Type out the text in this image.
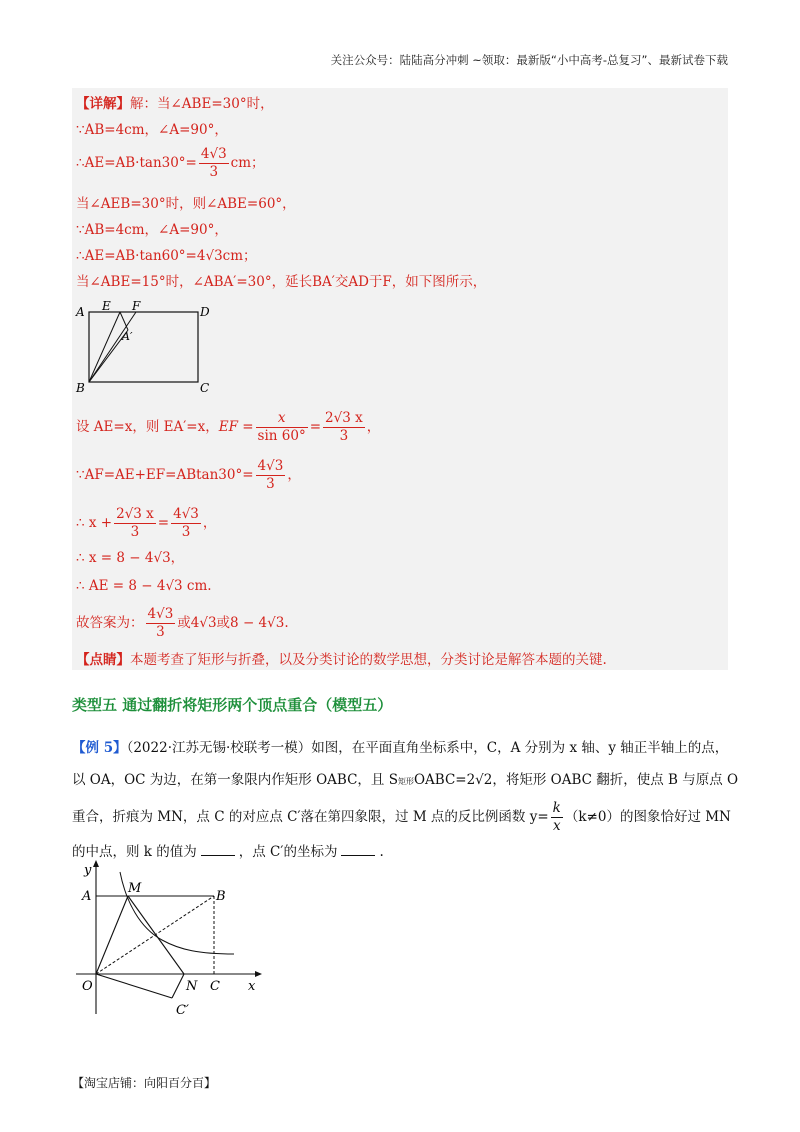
关注公众号：陆陆高分冲刺 ~领取：最新版“小中高考-总复习”、最新试卷下载
【详解】解：当∠ABE=30°时，
∵AB=4cm，∠A=90°，
∴AE=AB·tan30°= $\frac{4√3}{3}$ cm；
当∠AEB=30°时，则∠ABE=60°，
∵AB=4cm，∠A=90°，
∴AE=AB·tan60°=4√3cm；
当∠ABE=15°时，∠ABA′=30°，延长BA′交AD于F，如下图所示，
A E F	D
A′
B	C
设 AE=x，则 EA′=x，EF = $\frac{x}{\sin 60^\circ} = \frac{2√3 x}{3}$ ，
∵AF=AE+EF=ABtan30°= $\frac{4√3}{3}$ ，
∴ $x + \frac{2√3 x}{3} = \frac{4√3}{3}$ ，
∴ x = 8 − 4√3，
∴ AE = 8 − 4√3 cm.
故答案为： $\frac{4√3}{3}$ 或4√3或8 − 4√3.
【点睛】本题考查了矩形与折叠，以及分类讨论的数学思想，分类讨论是解答本题的关键.
类型五 通过翻折将矩形两个顶点重合（模型五）
【例 5】（2022·江苏无锡·校联考一模）如图，在平面直角坐标系中，C，A 分别为 x 轴、y 轴正半轴上的点，
以 OA，OC 为边，在第一象限内作矩形 OABC，且 S矩形OABC=2√2，将矩形 OABC 翻折，使点 B 与原点 O
重合，折痕为 MN，点 C 的对应点 C′落在第四象限，过 M 点的反比例函数 $y= \frac{k}{x} (k\ne 0)$的图象恰好过 MN
的中点，则 k 的值为	，点 C′的坐标为	.
y
A
M
B
O	N C x
C′
【淘宝店铺：向阳百分百】
